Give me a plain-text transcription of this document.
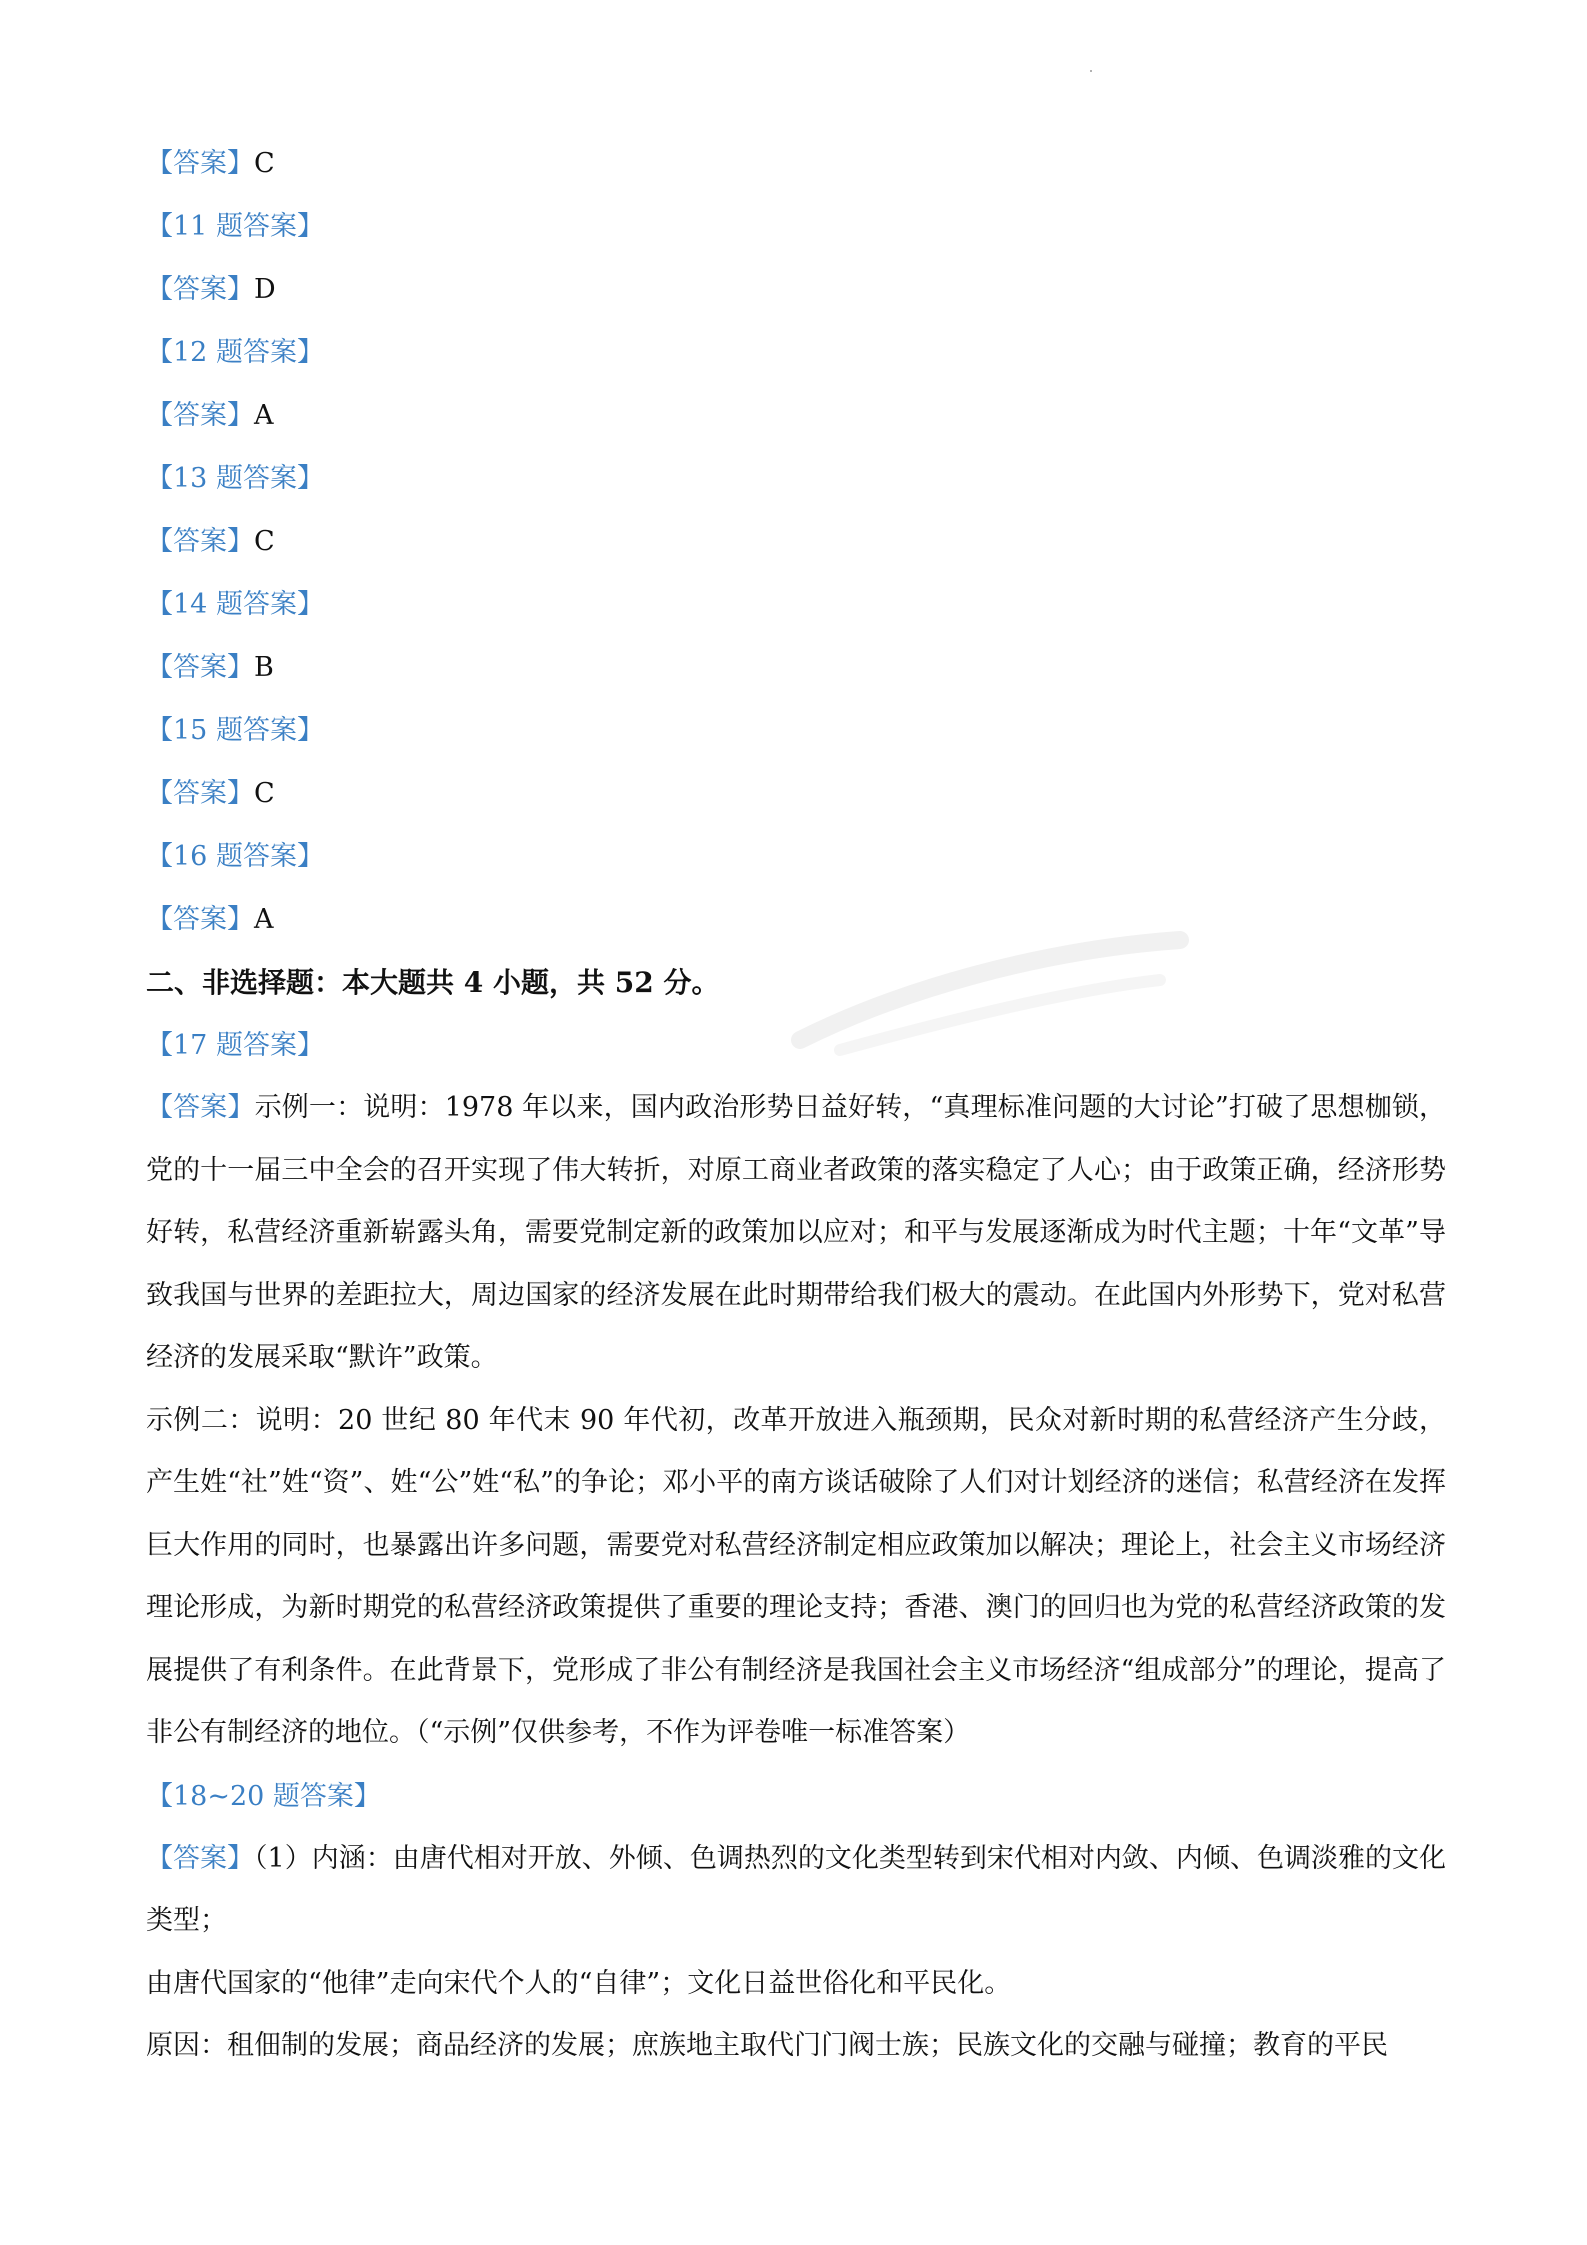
【答案】C
【11 题答案】
【答案】D
【12 题答案】
【答案】A
【13 题答案】
【答案】C
【14 题答案】
【答案】B
【15 题答案】
【答案】C
【16 题答案】
【答案】A
二、非选择题：本大题共 4 小题，共 52 分。
【17 题答案】

【答案】示例一：说明：1978 年以来，国内政治形势日益好转，“真理标准问题的大讨论”打破了思想枷锁，党的十一届三中全会的召开实现了伟大转折，对原工商业者政策的落实稳定了人心；由于政策正确，经济形势好转，私营经济重新崭露头角，需要党制定新的政策加以应对；和平与发展逐渐成为时代主题；十年“文革”导致我国与世界的差距拉大，周边国家的经济发展在此时期带给我们极大的震动。在此国内外形势下，党对私营经济的发展采取“默许”政策。

示例二：说明：20 世纪 80 年代末 90 年代初，改革开放进入瓶颈期，民众对新时期的私营经济产生分歧，产生姓“社”姓“资”、姓“公”姓“私”的争论；邓小平的南方谈话破除了人们对计划经济的迷信；私营经济在发挥巨大作用的同时，也暴露出许多问题，需要党对私营经济制定相应政策加以解决；理论上，社会主义市场经济理论形成，为新时期党的私营经济政策提供了重要的理论支持；香港、澳门的回归也为党的私营经济政策的发展提供了有利条件。在此背景下，党形成了非公有制经济是我国社会主义市场经济“组成部分”的理论，提高了非公有制经济的地位。（“示例”仅供参考，不作为评卷唯一标准答案）

【18~20 题答案】

【答案】（1）内涵：由唐代相对开放、外倾、色调热烈的文化类型转到宋代相对内敛、内倾、色调淡雅的文化类型；

由唐代国家的“他律”走向宋代个人的“自律”；文化日益世俗化和平民化。

原因：租佃制的发展；商品经济的发展；庶族地主取代门门阀士族；民族文化的交融与碰撞；教育的平民
